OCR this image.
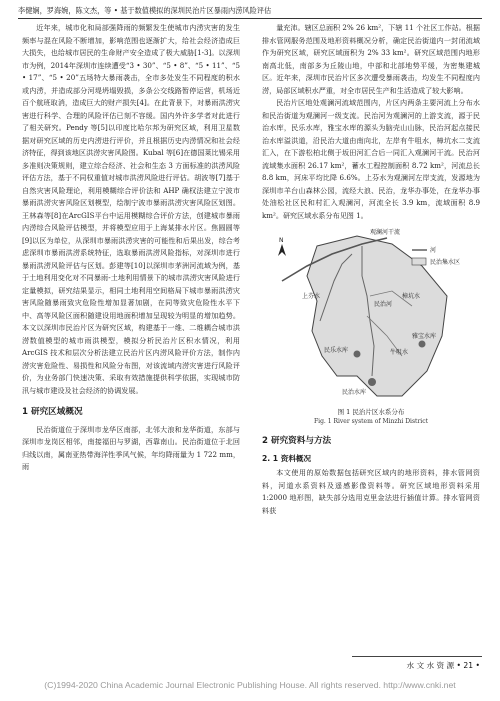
李健娴，罗海婉，陈文杰，等 • 基于数值模拟的深圳民治片区暴雨内涝风险评估

近年来，城市化和局部强降雨的频繁发生使城市内涝灾害的发生频率与混在风险不断增加，影响范围也逐渐扩大，给社会经济造成巨大损失，也给城市居民的生命财产安全造成了极大威胁[1-3]。以深圳市为例，2014年深圳市连续遭受“3 • 30”、“5 • 8”、“5 • 11”、“5 • 17”、“5 • 20”五场特大暴雨袭击，全市多处发生不同程度的积水或内涝，并造成部分河堤坍塌毁损，多条公交线路暂停运营，机场近百个航班取消，造成巨大的财产损失[4]。在此背景下，对暴雨洪涝灾害进行科学、合理的风险评估已刻不容缓。国内外许多学者对此进行了相关研究。Pendy 等[5]以印度比哈尔邦为研究区域，利用卫星数据对研究区域的历史内涝进行评价，并且根据历史内涝情况和社会经济特征，得到该地区洪涝灾害风险图。Kubal 等[6]在德国莱比锡采用多准则决策规则，建立综合经济、社会和生态 3 方面标准的洪涝风险评估方法，基于不同权重值对城市洪涝风险进行评估。胡波等[7]基于自然灾害风险理论，利用模糊综合评价法和 AHP 确权法建立宁波市暴雨洪涝灾害风险区划模型，绘制宁波市暴雨洪涝灾害风险区划图。王林森等[8]在ArcGIS平台中运用模糊综合评价方法，创建城市暴雨内涝综合风险评估模型，并将模型应用于上海某排水片区。焦圆圆等[9]以区为单位，从深圳市暴雨洪涝灾害的可能性和后果出发，综合考虑深圳市暴雨洪涝系统特征，选取暴雨洪涝风险指标，对深圳市进行暴雨洪涝风险评估与区划。彭建等[10]以深圳市茅洲河流域为例，基于土地利用变化对不同暴雨-土地利用情景下的城市洪涝灾害风险进行定量模拟，研究结果显示，相同土地利用空间格局下城市暴雨洪涝灾害风险随暴雨致灾危险性增加显著加剧，在同等致灾危险性水平下中、高等风险区面积随建设用地面积增加呈现较为明显的增加趋势。本文以深圳市民治片区为研究区域，构建基于一维、二维耦合城市洪涝数值模型的城市雨洪模型，模拟分析民治片区积水情况，利用 ArcGIS 技术和层次分析法建立民治片区内涝风险评价方法，制作内涝灾害危险性、易损性和风险分布图，对该流域内涝灾害进行风险评价，为业务部门快速决策、采取有效措施提供科学依据，实现城市防汛与城市建设及社会经济的协调发展。

1 研究区域概况

民治街道位于深圳市龙华区南部，北邻大浪和龙华街道，东部与深圳市龙岗区相邻，南接福田与罗湖，西靠南山。民治街道位于北回归线以南，属南亚热带海洋性季风气候，年均降雨量为 1 722 mm，雨

量充沛。辖区总面积 2% 26 km²，下辖 11 个社区工作站。根据排水管网服务范围及地形资料概况分析，确定民治街道内一封闭流域作为研究区域，研究区域面积为 2% 33 km²。研究区域范围内地形南高北低，南部多为丘陵山地，中部和北部地势平缓，为密集建城区。近年来，深圳市民治片区多次遭受暴雨袭击，均发生不同程度内涝，局部区域积水严重，对全市居民生产和生活造成了较大影响。

民治片区地处观澜河流域范围内，片区内两条主要河流上分布水和民治街道为观澜河一级支流。民治河为观澜河的上游支流，源于民治水库，民乐水库，雅宝水库的源头为脑壳山山脉，民治河起点接民治水库溢洪道，沿民治大道由南向北，左岸有牛咀水，樟坑水二支流汇入，在下游松柏北侧于坂田河汇合后一同汇入观澜河干流。民治河流域集水面积 26.17 km²，蓄水工程控制面积 8.72 km²，河流总长 8.8 km，河床平均比降 6.6%。上芬水为观澜河左岸支流，发源地为深圳市羊台山森林公园，流经大浪、民治，龙华办事处，在龙华办事处油松社区民和村汇入观澜河，河流全长 3.9 km，流域面积 8.9 km²。研究区域水系分布见图 1。

N
观澜河干流
上芬水
民治河
民治水库
民乐水库
雅宝水库
牛咀水
樟坑水
河
民治集水区
图 1 民治片区水系分布
Fig. 1 River system of Minzhi District
2 研究资料与方法
2. 1 资料概况

本文使用的原始数据包括研究区域内的地形资料，排水管网资料，河道水系资料及遥感影像资料等。研究区域地形资料采用 1:2000 地形图，缺失部分选用克里金法进行插值计算。排水管网资料获

水 文 水 资 源 • 21 •
(C)1994-2020 China Academic Journal Electronic Publishing House. All rights reserved. http://www.cnki.net
